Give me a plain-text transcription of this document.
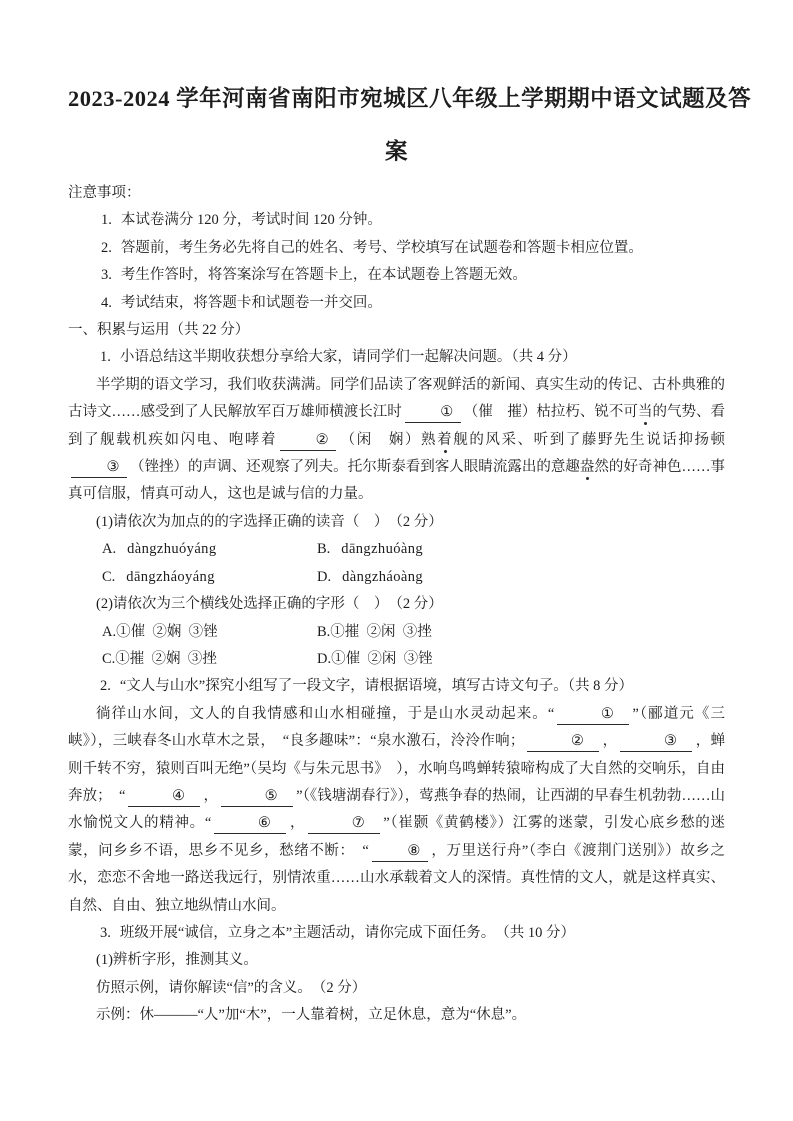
2023-2024 学年河南省南阳市宛城区八年级上学期期中语文试题及答
案

注意事项：

1. 本试卷满分 120 分，考试时间 120 分钟。
2. 答题前，考生务必先将自己的姓名、考号、学校填写在试题卷和答题卡相应位置。
3. 考生作答时，将答案涂写在答题卡上，在本试题卷上答题无效。
4. 考试结束，将答题卡和试题卷一并交回。

一、积累与运用（共 22 分）

1. 小语总结这半期收获想分享给大家，请同学们一起解决问题。（共 4 分）

半学期的语文学习，我们收获满满。同学们品读了客观鲜活的新闻、真实生动的传记、古朴典雅的古诗文……感受到了人民解放军百万雄师横渡长江时	① （催　摧）枯拉朽、锐不可当的气势、看到了舰载机疾如闪电、咆哮着	② （闲　娴）熟着舰的风采、听到了藤野先生说话抑扬顿③ （锉挫）的声调、还观察了列夫。托尔斯泰看到客人眼睛流露出的意趣盎然的好奇神色……事真可信服，情真可动人，这也是诚与信的力量。

(1)请依次为加点的的字选择正确的读音（　）　（2 分）

A. dàngzhuóyáng	B. dāngzhuóàng
C. dāngzháoyáng	D. dàngzháoàng

(2)请依次为三个横线处选择正确的字形（　）　（2 分）

A.①催 ②娴 ③锉	B.①摧 ②闲 ③挫
C.①摧 ②娴 ③挫	D.①催 ②闲 ③锉
2. “文人与山水”探究小组写了一段文字，请根据语境，填写古诗文句子。（共 8 分）

徜徉山水间，文人的自我情感和山水相碰撞，于是山水灵动起来。“	① ”（郦道元《三峡》），三峡春冬山水草木之景，　“良多趣味”：“泉水激石，泠泠作响；	② ，	③ ，蝉则千转不穷，猿则百叫无绝”（吴均《与朱元思书》　），水响鸟鸣蝉转猿啼构成了大自然的交响乐，自由奔放；　“	④ ，	⑤ ”（《钱塘湖春行》），莺燕争春的热闹，让西湖的早春生机勃勃……山水愉悦文人的精神。“	⑥ ，	⑦ ”（崔颢《黄鹤楼》）江雾的迷蒙，引发心底乡愁的迷蒙，问乡乡不语，思乡不见乡，愁绪不断：　“	⑧ ，万里送行舟”（李白《渡荆门送别》）故乡之水，恋恋不舍地一路送我远行，别情浓重……山水承载着文人的深情。真性情的文人，就是这样真实、自然、自由、独立地纵情山水间。

3. 班级开展“诚信，立身之本”主题活动，请你完成下面任务。　（共 10 分）

(1)辨析字形，推测其义。

仿照示例，请你解读“信”的含义。　（2 分）

示例：休———“人”加“木”，一人靠着树，立足休息，意为“休息”。
